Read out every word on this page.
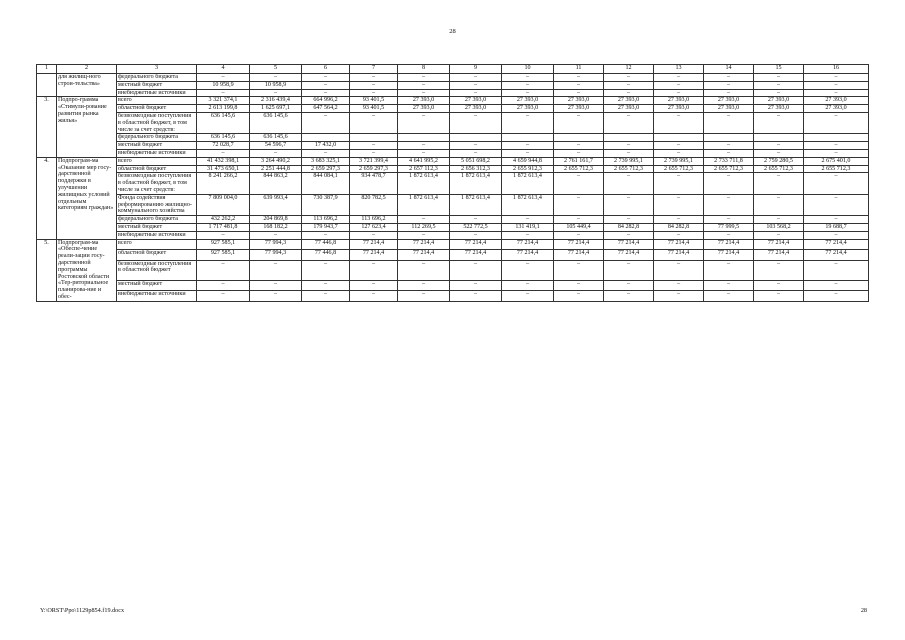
28
1	2	3	4	5	6	7	8	9	10	11	12	13	14	15	16
	для жилищ-ного строи-тельства»	федерального бюджета	–	–	–	–	–	–	–	–	–	–	–	–	–
		местный бюджет	10 958,9	10 958,9	–	–	–	–	–	–	–	–	–	–	–
		внебюджетные источники	–	–	–	–	–	–	–	–	–	–	–	–	–
3.	Подпро-грамма «Стимули-рование развития рынка жилья»	всего	3 321 374,1	2 316 439,4	664 996,2	93 401,5	27 393,0	27 393,0	27 393,0	27 393,0	27 393,0	27 393,0	27 393,0	27 393,0	27 393,0
		областной бюджет	2 613 199,8	1 625 697,1	647 564,2	93 401,5	27 393,0	27 393,0	27 393,0	27 393,0	27 393,0	27 393,0	27 393,0	27 393,0	27 393,0
		безвозмездные поступления в областной бюджет, в том числе за счет средств:	636 145,6	636 145,6	–	–	–	–	–	–	–	–	–	–	–
		федерального бюджета	636 145,6	636 145,6											
		местный бюджет	72 028,7	54 596,7	17 432,0	–	–	–	–	–	–	–	–	–	–
		внебюджетные источники	–	–	–	–	–	–	–	–	–	–	–	–	–
4.	Подпрограм-ма «Оказание мер госу-дарственной поддержки в улучшении жилищных условий отдельным категориям граждан»	всего	41 432 398,1	3 264 490,2	3 683 325,1	3 721 399,4	4 641 995,2	5 051 698,2	4 659 944,8	2 761 161,7	2 739 995,1	2 739 995,1	2 733 711,8	2 759 280,5	2 675 401,0
		областной бюджет	31 473 650,1	2 251 444,8	2 659 297,3	2 659 297,3	2 657 112,3	2 656 312,3	2 655 912,3	2 655 712,3	2 655 712,3	2 655 712,3	2 655 712,3	2 655 712,3	2 655 712,3
		безвозмездные поступления в областной бюджет, в том числе за счет средств:	8 241 266,2	844 863,2	844 084,1	934 478,7	1 872 613,4	1 872 613,4	1 872 613,4	–	–	–	–	–	–
		Фонда содействия реформированию жилищно-коммунального хозяйства	7 809 004,0	639 993,4	730 387,9	820 782,5	1 872 613,4	1 872 613,4	1 872 613,4	–	–	–	–	–	–
		федерального бюджета	432 262,2	204 869,8	113 696,2	113 696,2	–	–	–	–	–	–	–	–	–
		местный бюджет	1 717 481,8	168 182,2	179 943,7	127 623,4	112 269,5	522 772,5	131 419,1	105 449,4	84 282,8	84 282,8	77 999,5	103 568,2	19 688,7
		внебюджетные источники	–	–	–	–	–	–	–	–	–	–	–	–	–
5.	Подпрограм-ма «Обеспе-чение реали-зации госу-дарственной программы Ростовской области «Тер-риториальное планирова-ние и обес-	всего	927 585,1	77 994,3	77 446,8	77 214,4	77 214,4	77 214,4	77 214,4	77 214,4	77 214,4	77 214,4	77 214,4	77 214,4	77 214,4
		областной бюджет	927 585,1	77 994,3	77 446,8	77 214,4	77 214,4	77 214,4	77 214,4	77 214,4	77 214,4	77 214,4	77 214,4	77 214,4	77 214,4
		безвозмездные поступления в областной бюджет	–	–	–	–	–	–	–	–	–	–	–	–	–
		местный бюджет	–	–	–	–	–	–	–	–	–	–	–	–	–
		внебюджетные источники	–	–	–	–	–	–	–	–	–	–	–	–	–
Y:\ORST\Ppo\1129p854.f19.docx	28
